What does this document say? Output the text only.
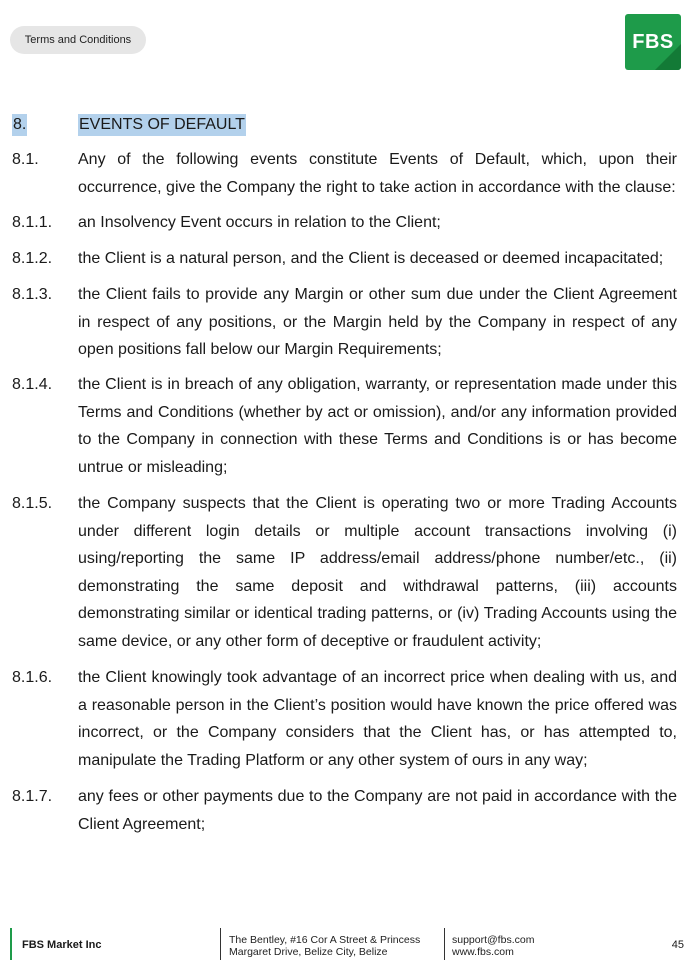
Terms and Conditions	FBS
8.	EVENTS OF DEFAULT
8.1. Any of the following events constitute Events of Default, which, upon their occurrence, give the Company the right to take action in accordance with the clause:
8.1.1. an Insolvency Event occurs in relation to the Client;
8.1.2. the Client is a natural person, and the Client is deceased or deemed incapacitated;
8.1.3. the Client fails to provide any Margin or other sum due under the Client Agreement in respect of any positions, or the Margin held by the Company in respect of any open positions fall below our Margin Requirements;
8.1.4. the Client is in breach of any obligation, warranty, or representation made under this Terms and Conditions (whether by act or omission), and/or any information provided to the Company in connection with these Terms and Conditions is or has become untrue or misleading;
8.1.5. the Company suspects that the Client is operating two or more Trading Accounts under different login details or multiple account transactions involving (i) using/reporting the same IP address/email address/phone number/etc., (ii) demonstrating the same deposit and withdrawal patterns, (iii) accounts demonstrating similar or identical trading patterns, or (iv) Trading Accounts using the same device, or any other form of deceptive or fraudulent activity;
8.1.6. the Client knowingly took advantage of an incorrect price when dealing with us, and a reasonable person in the Client’s position would have known the price offered was incorrect, or the Company considers that the Client has, or has attempted to, manipulate the Trading Platform or any other system of ours in any way;
8.1.7. any fees or other payments due to the Company are not paid in accordance with the Client Agreement;
FBS Market Inc	The Bentley, #16 Cor A Street & Princess
Margaret Drive, Belize City, Belize
support@fbs.com
www.fbs.com
45
